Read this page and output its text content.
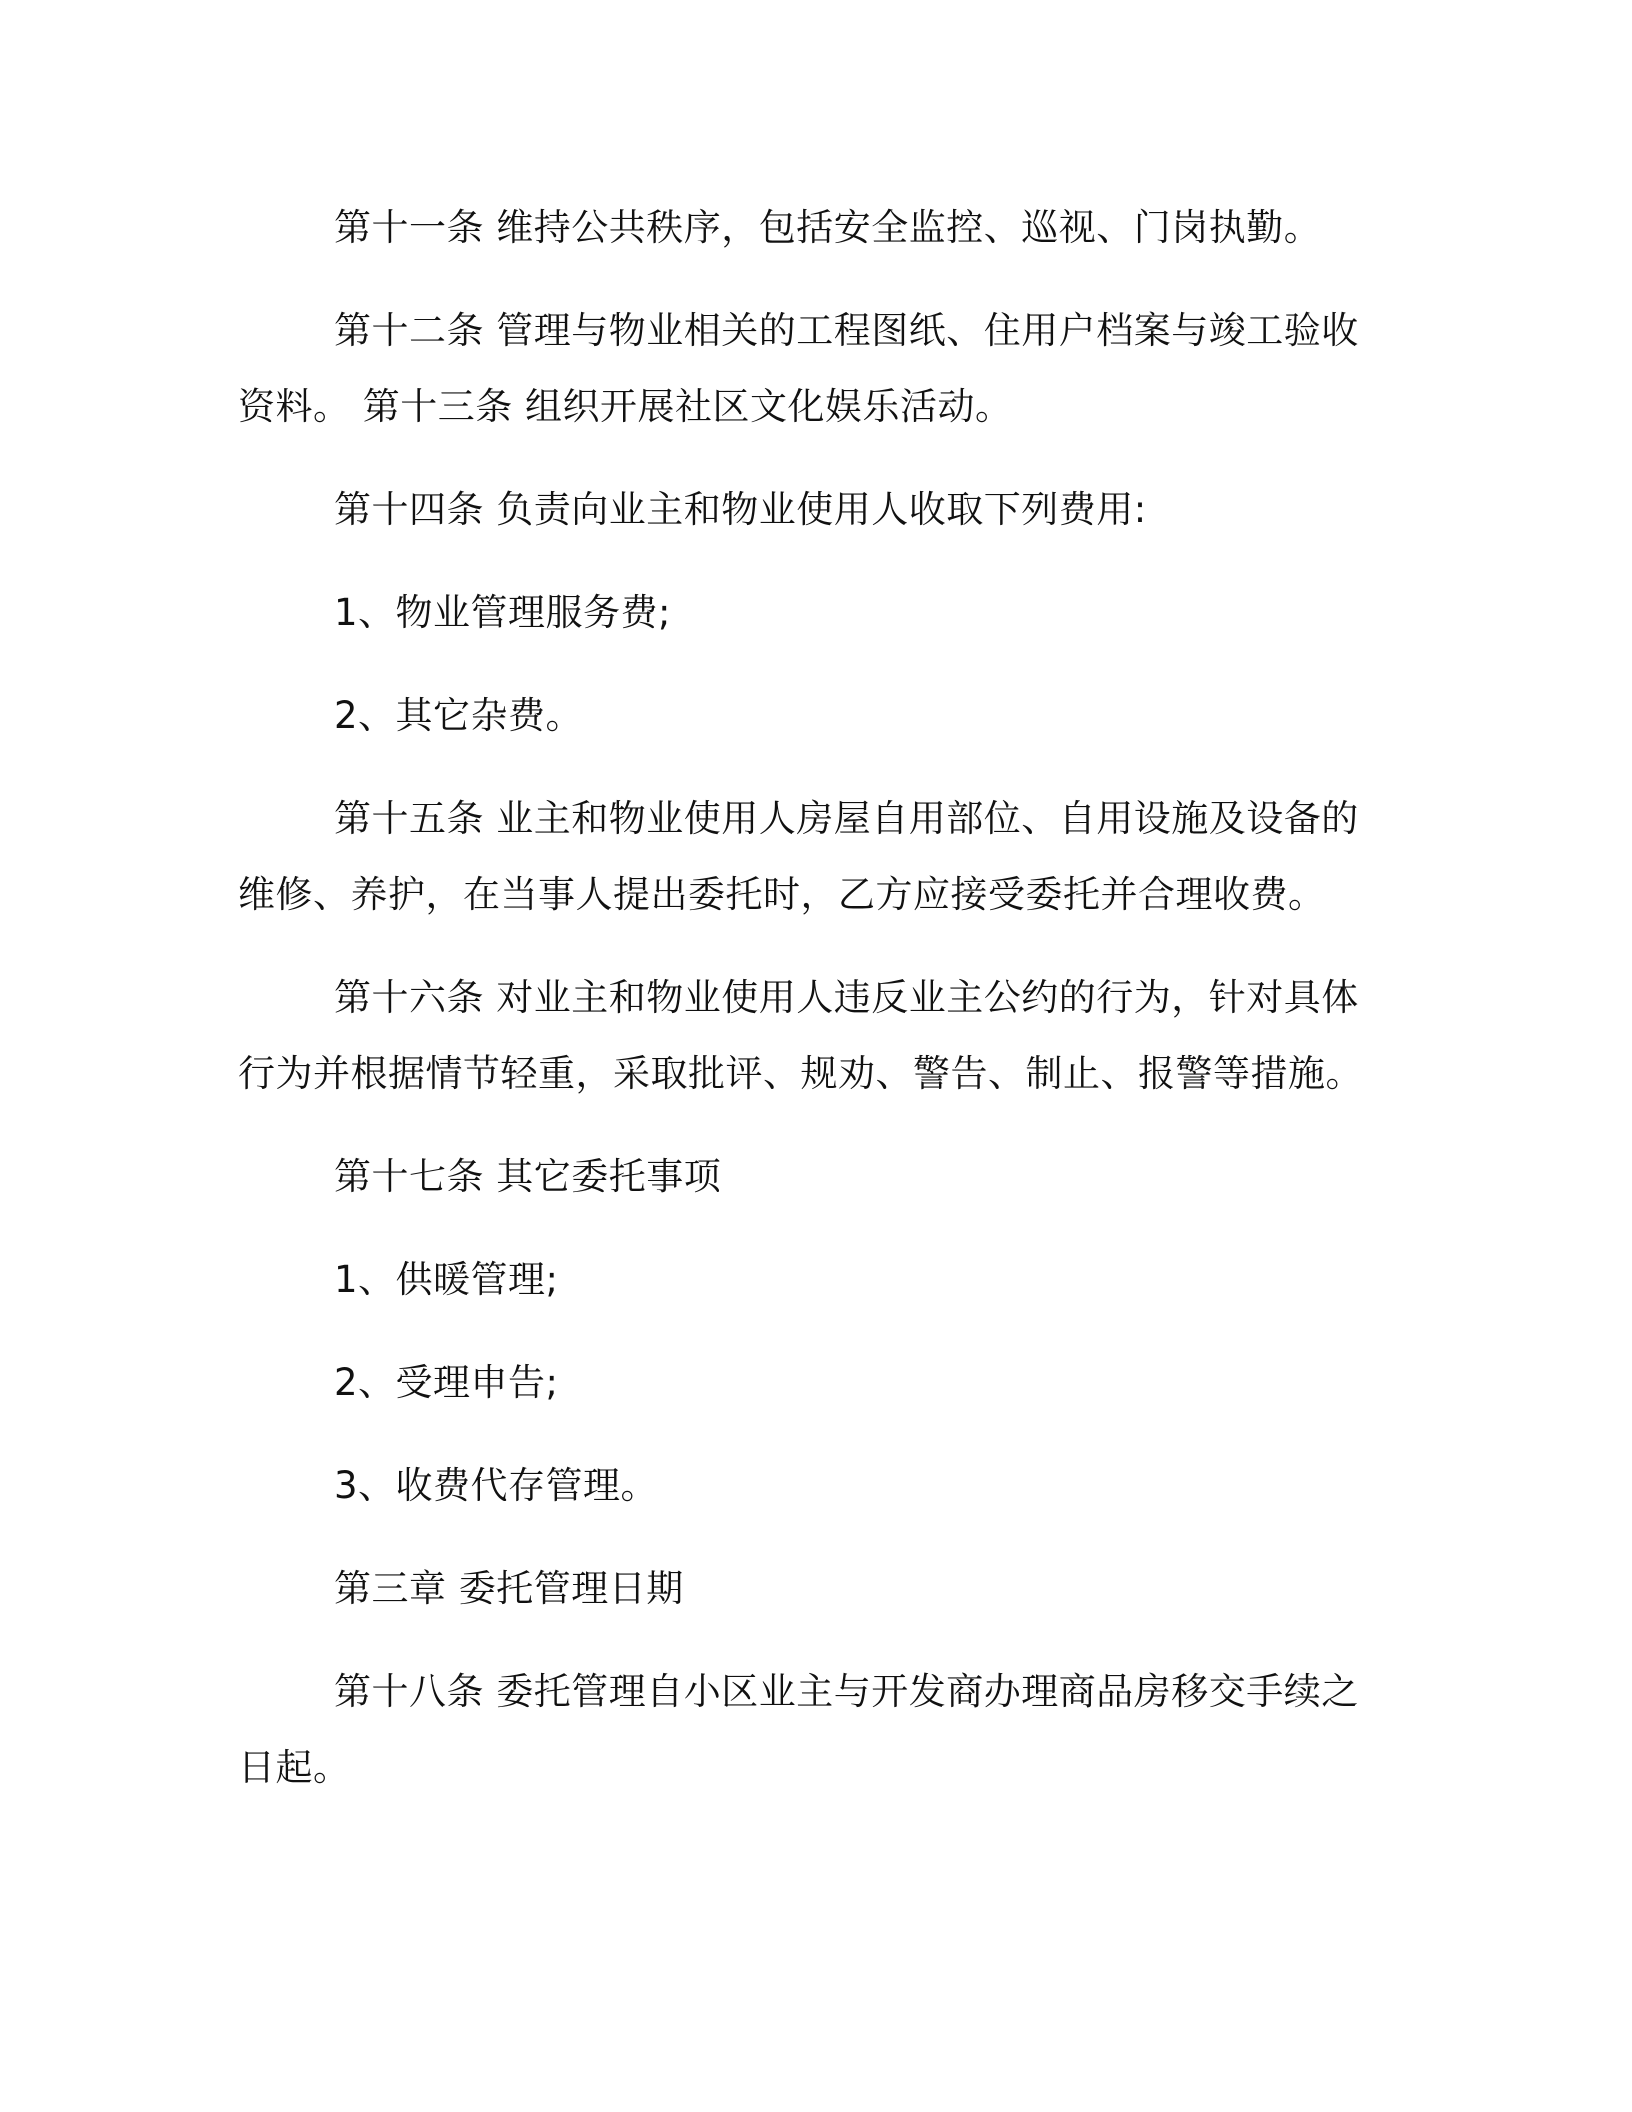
第十一条 维持公共秩序，包括安全监控、巡视、门岗执勤。

第十二条 管理与物业相关的工程图纸、住用户档案与竣工验收资料。 第十三条 组织开展社区文化娱乐活动。

第十四条 负责向业主和物业使用人收取下列费用:

1、物业管理服务费;

2、其它杂费。

第十五条 业主和物业使用人房屋自用部位、自用设施及设备的维修、养护，在当事人提出委托时，乙方应接受委托并合理收费。

第十六条 对业主和物业使用人违反业主公约的行为，针对具体行为并根据情节轻重，采取批评、规劝、警告、制止、报警等措施。

第十七条 其它委托事项

1、供暖管理;

2、受理申告;

3、收费代存管理。

第三章 委托管理日期

第十八条 委托管理自小区业主与开发商办理商品房移交手续之日起。
